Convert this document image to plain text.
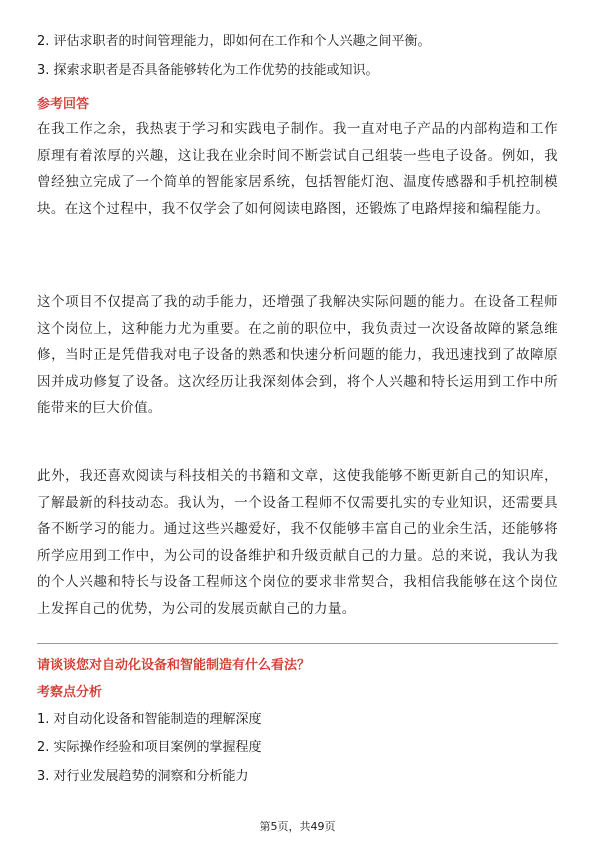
2. 评估求职者的时间管理能力，即如何在工作和个人兴趣之间平衡。
3. 探索求职者是否具备能够转化为工作优势的技能或知识。
参考回答
在我工作之余，我热衷于学习和实践电子制作。我一直对电子产品的内部构造和工作原理有着浓厚的兴趣，这让我在业余时间不断尝试自己组装一些电子设备。例如，我曾经独立完成了一个简单的智能家居系统，包括智能灯泡、温度传感器和手机控制模块。在这个过程中，我不仅学会了如何阅读电路图，还锻炼了电路焊接和编程能力。
这个项目不仅提高了我的动手能力，还增强了我解决实际问题的能力。在设备工程师这个岗位上，这种能力尤为重要。在之前的职位中，我负责过一次设备故障的紧急维修，当时正是凭借我对电子设备的熟悉和快速分析问题的能力，我迅速找到了故障原因并成功修复了设备。这次经历让我深刻体会到，将个人兴趣和特长运用到工作中所能带来的巨大价值。
此外，我还喜欢阅读与科技相关的书籍和文章，这使我能够不断更新自己的知识库，了解最新的科技动态。我认为，一个设备工程师不仅需要扎实的专业知识，还需要具备不断学习的能力。通过这些兴趣爱好，我不仅能够丰富自己的业余生活，还能够将所学应用到工作中，为公司的设备维护和升级贡献自己的力量。总的来说，我认为我的个人兴趣和特长与设备工程师这个岗位的要求非常契合，我相信我能够在这个岗位上发挥自己的优势，为公司的发展贡献自己的力量。
请谈谈您对自动化设备和智能制造有什么看法？
考察点分析
1. 对自动化设备和智能制造的理解深度
2. 实际操作经验和项目案例的掌握程度
3. 对行业发展趋势的洞察和分析能力
第5页，共49页
